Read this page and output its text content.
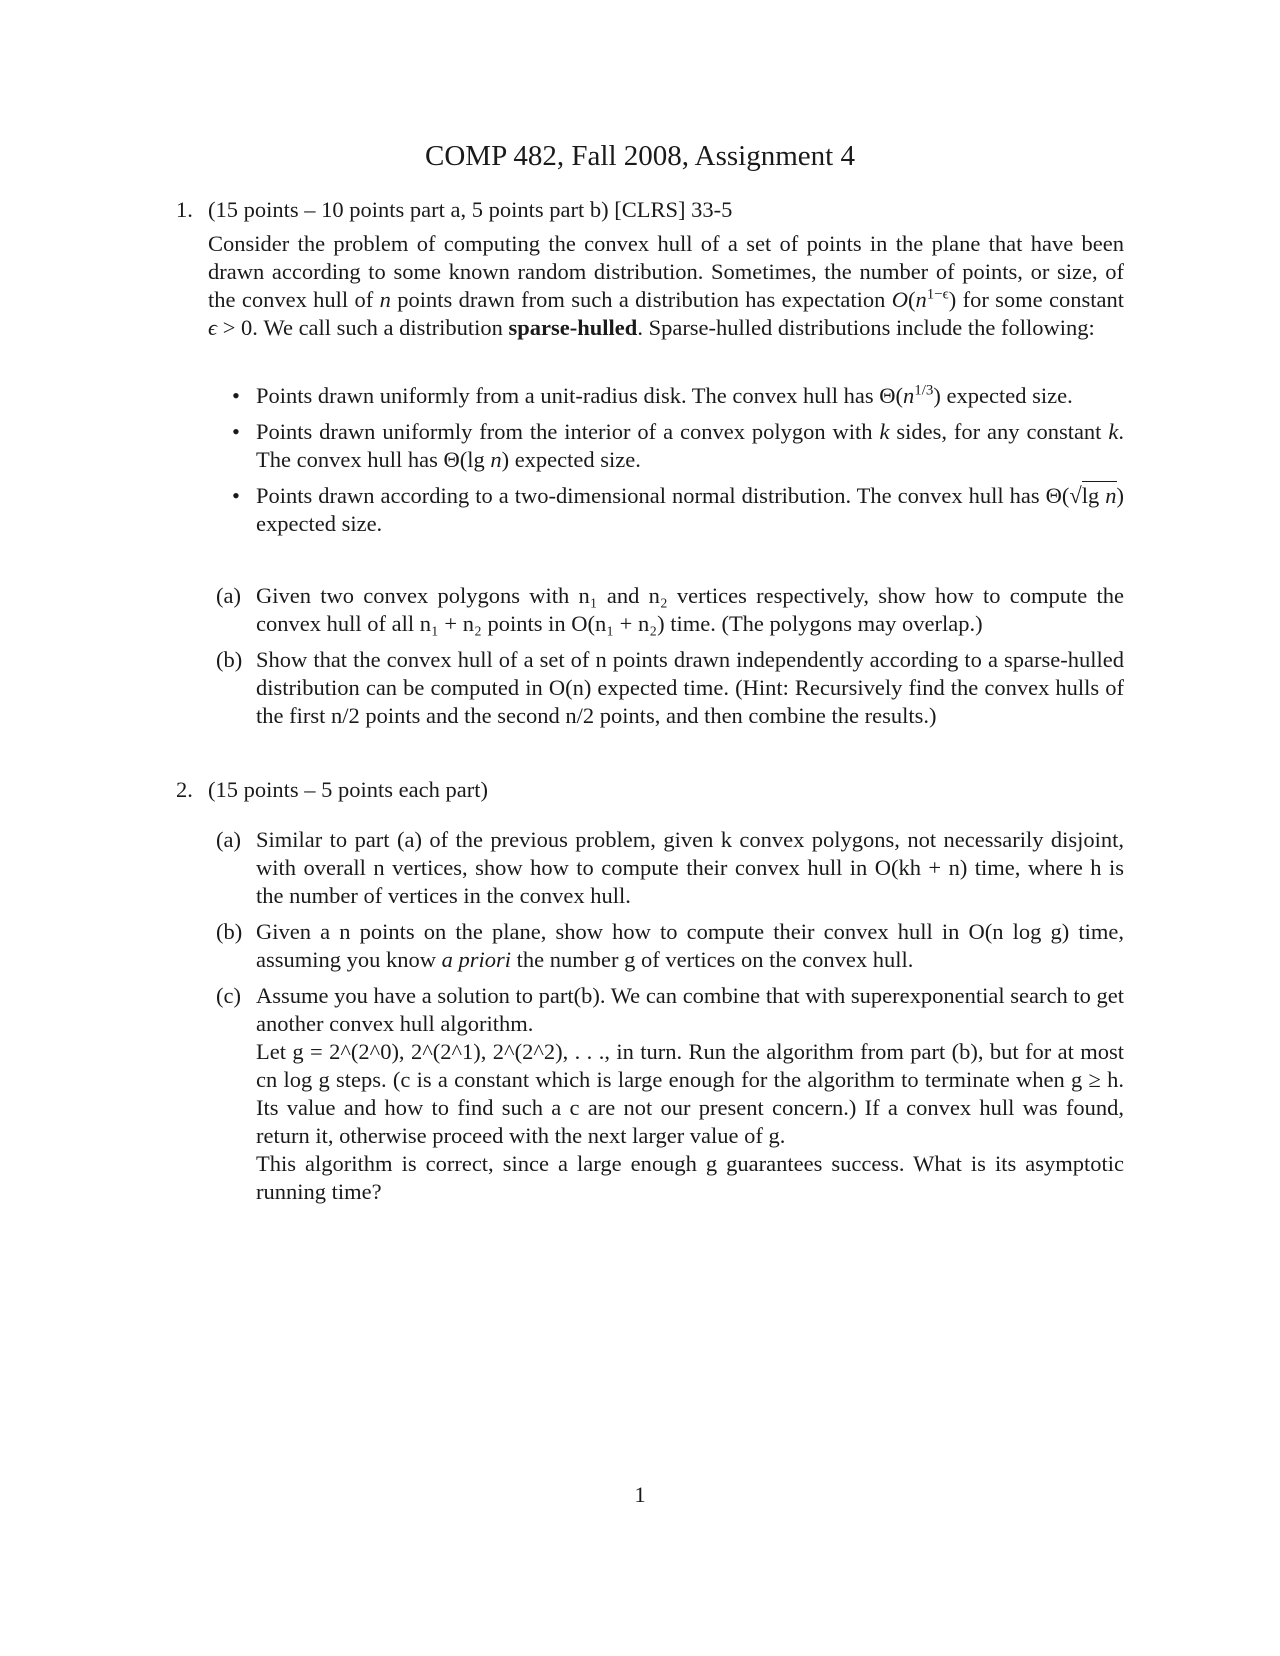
COMP 482, Fall 2008, Assignment 4
1. (15 points – 10 points part a, 5 points part b) [CLRS] 33-5
Consider the problem of computing the convex hull of a set of points in the plane that have been drawn according to some known random distribution. Sometimes, the number of points, or size, of the convex hull of n points drawn from such a distribution has expectation $O(n^{1-\epsilon})$ for some constant ϵ > 0. We call such a distribution sparse-hulled. Sparse-hulled distributions include the following:
• Points drawn uniformly from a unit-radius disk. The convex hull has $\Theta(n^{1/3})$ expected size.
• Points drawn uniformly from the interior of a convex polygon with k sides, for any constant k. The convex hull has Θ(lg n) expected size.
• Points drawn according to a two-dimensional normal distribution. The convex hull has Θ(√lg n) expected size.
(a) Given two convex polygons with n₁ and n₂ vertices respectively, show how to compute the convex hull of all n₁ + n₂ points in O(n₁ + n₂) time. (The polygons may overlap.)

(b) Show that the convex hull of a set of n points drawn independently according to a sparse-hulled distribution can be computed in O(n) expected time. (Hint: Recursively find the convex hulls of the first n/2 points and the second n/2 points, and then combine the results.)

2. (15 points – 5 points each part)
(a) Similar to part (a) of the previous problem, given k convex polygons, not necessarily disjoint, with overall n vertices, show how to compute their convex hull in O(kh + n) time, where h is the number of vertices in the convex hull.

(b) Given a n points on the plane, show how to compute their convex hull in O(n log g) time, assuming you know a priori the number g of vertices on the convex hull.

(c) Assume you have a solution to part(b). We can combine that with superexponential search to get another convex hull algorithm.

Let g = 2^(2^0), 2^(2^1), 2^(2^2), . . ., in turn. Run the algorithm from part (b), but for at most cn log g steps. (c is a constant which is large enough for the algorithm to terminate when g ≥ h. Its value and how to find such a c are not our present concern.) If a convex hull was found, return it, otherwise proceed with the next larger value of g.

This algorithm is correct, since a large enough g guarantees success. What is its asymptotic running time?

1
